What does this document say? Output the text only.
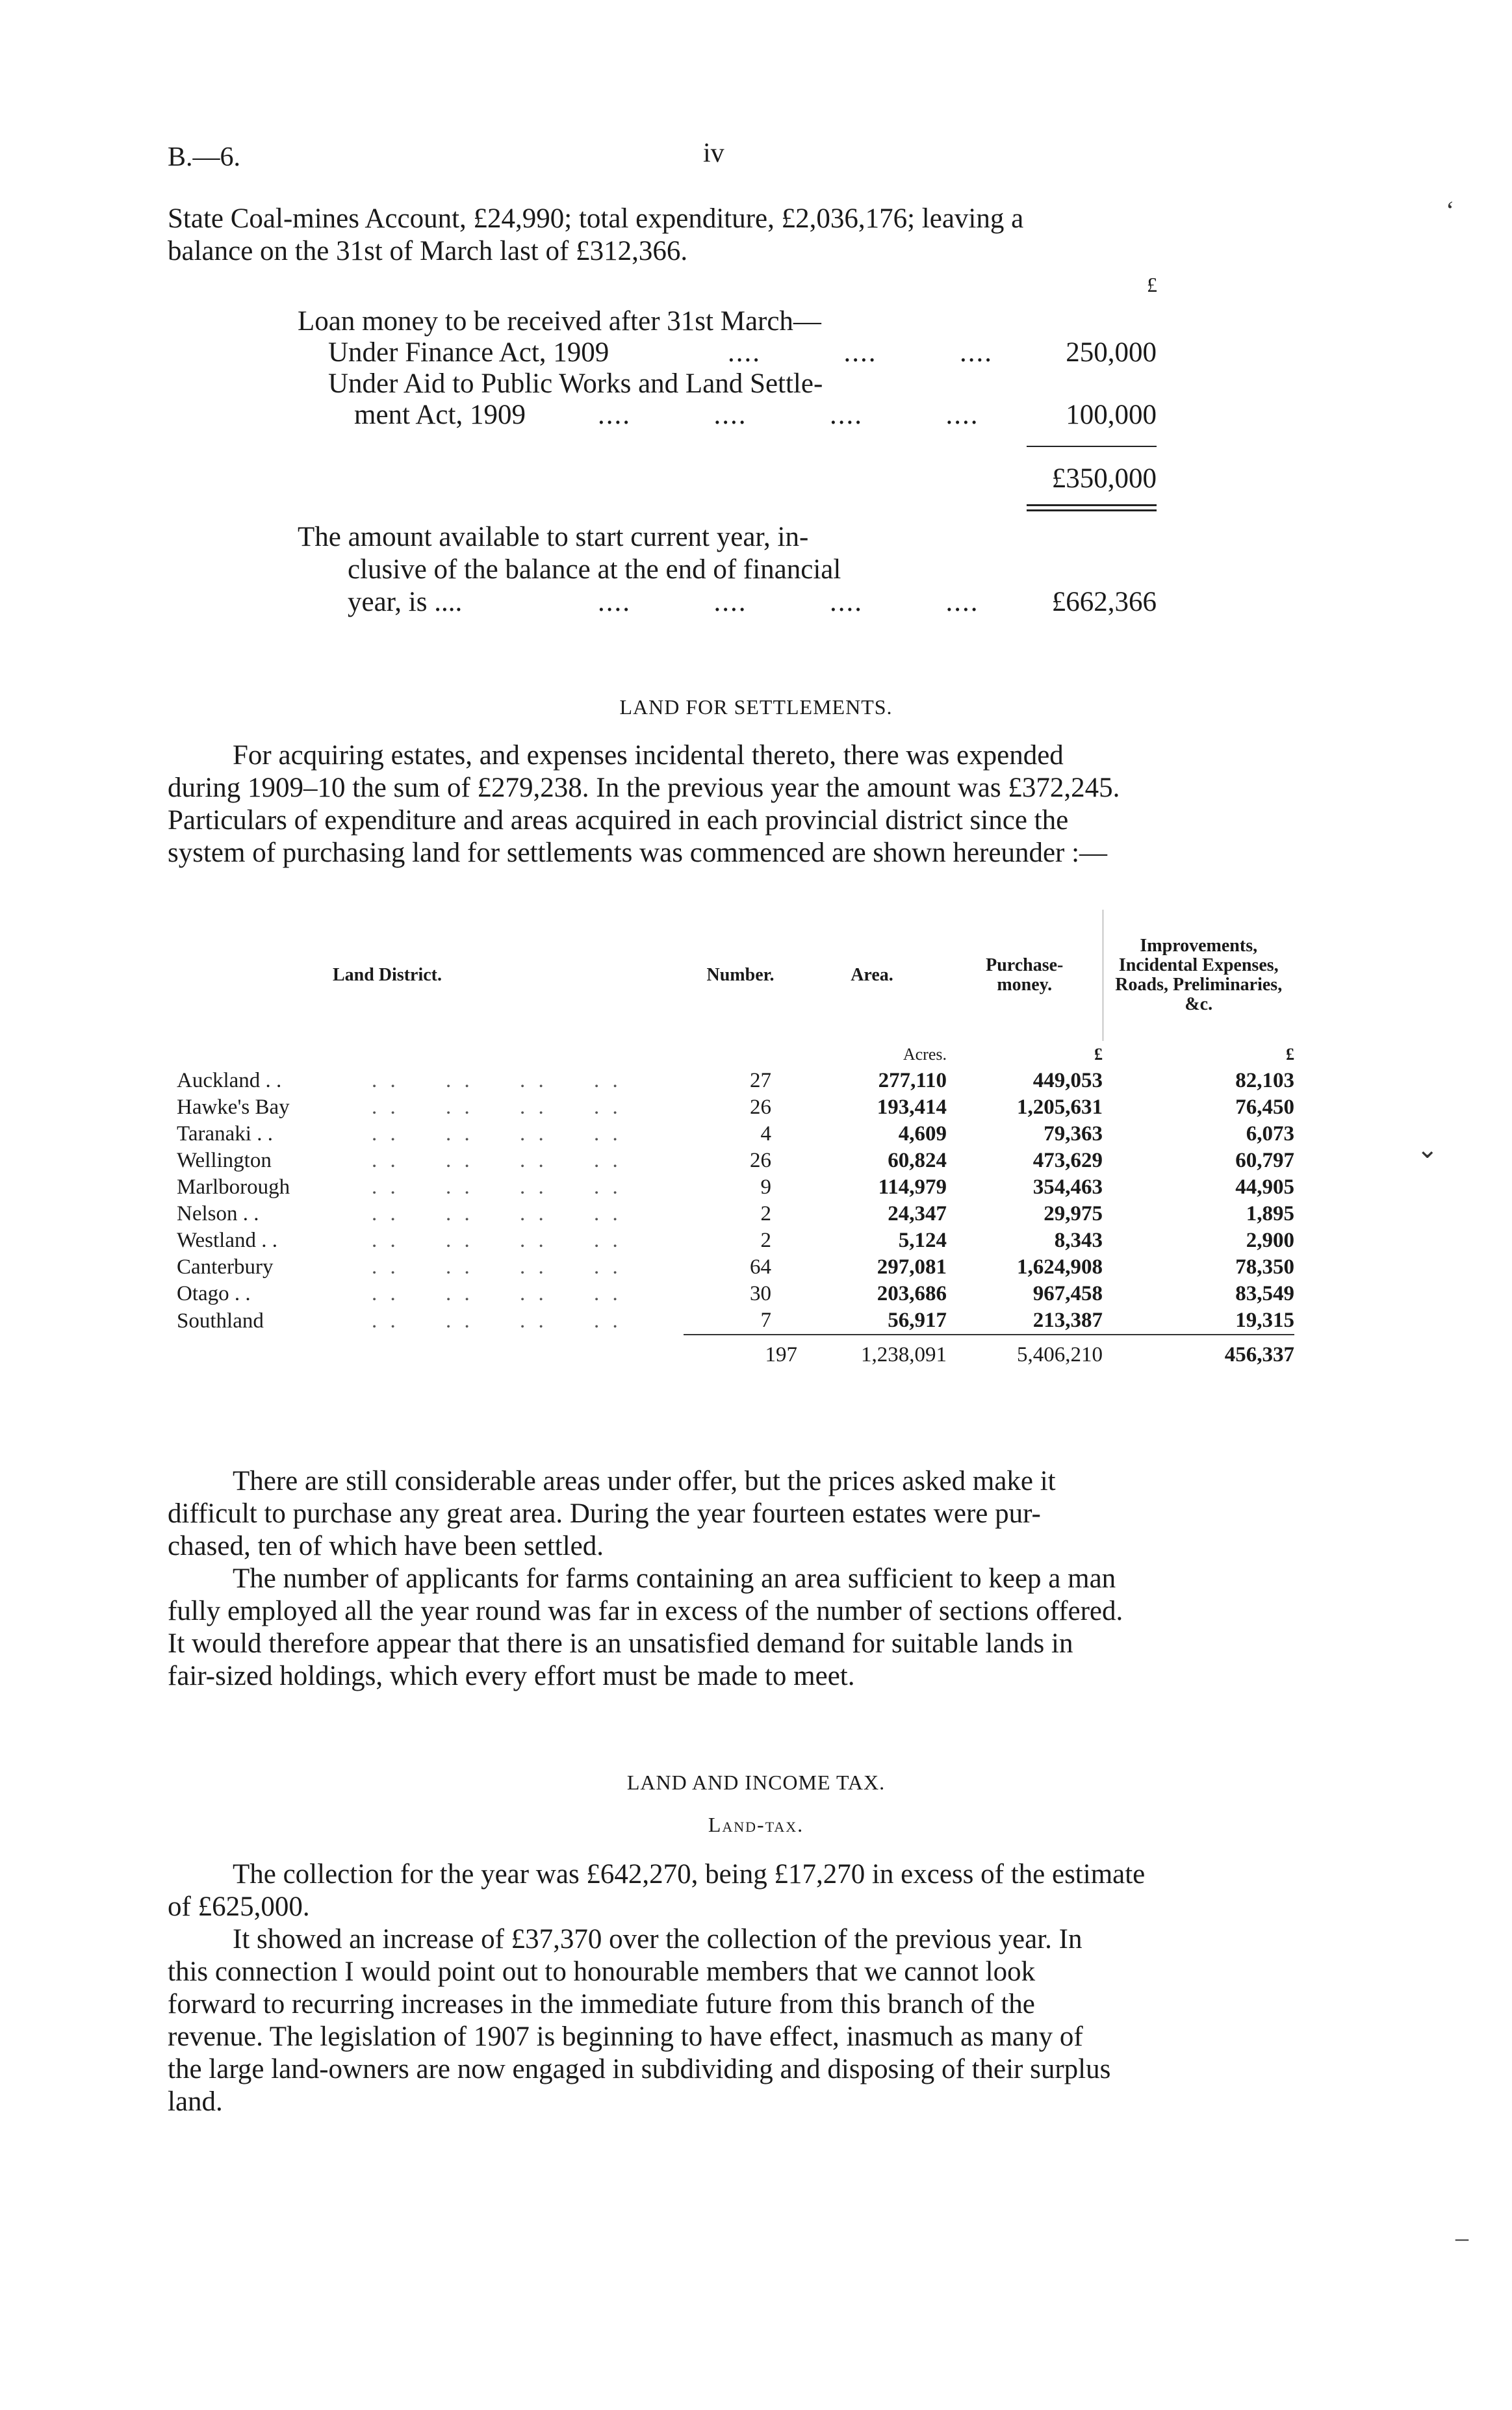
B.—6.	iv
State Coal-mines Account, £24,990; total expenditure, £2,036,176; leaving a
balance on the 31st of March last of £312,366.
£
Loan money to be received after 31st March—
Under Finance Act, 1909	....          ....          ....	250,000
Under Aid to Public Works and Land Settle-
ment Act, 1909	....          ....          ....          ....	100,000
£350,000
The amount available to start current year, in-
clusive of the balance at the end of financial
year, is ....	....          ....          ....          ....	£662,366
LAND FOR SETTLEMENTS.
For acquiring estates, and expenses incidental thereto, there was expended
during 1909–10 the sum of £279,238. In the previous year the amount was £372,245.
Particulars of expenditure and areas acquired in each provincial district since the
system of purchasing land for settlements was commenced are shown hereunder :—
Land District.	Number.	Area.	Purchase-money.	Improvements, Incidental Expenses, Roads, Preliminaries, &c.
		Acres.	£	£
Auckland . . . .     . .     . .     . .	27	277,110	449,053	82,103
Hawke's Bay . .     . .     . .     . .	26	193,414	1,205,631	76,450
Taranaki . . . .     . .     . .     . .	4	4,609	79,363	6,073
Wellington . .     . .     . .     . .	26	60,824	473,629	60,797
Marlborough . .     . .     . .     . .	9	114,979	354,463	44,905
Nelson . . . .     . .     . .     . .	2	24,347	29,975	1,895
Westland . . . .     . .     . .     . .	2	5,124	8,343	2,900
Canterbury . .     . .     . .     . .	64	297,081	1,624,908	78,350
Otago . . . .     . .     . .     . .	30	203,686	967,458	83,549
Southland . .     . .     . .     . .	7	56,917	213,387	19,315
	197	1,238,091	5,406,210	456,337
There are still considerable areas under offer, but the prices asked make it
difficult to purchase any great area. During the year fourteen estates were pur-
chased, ten of which have been settled.
The number of applicants for farms containing an area sufficient to keep a man
fully employed all the year round was far in excess of the number of sections offered.
It would therefore appear that there is an unsatisfied demand for suitable lands in
fair-sized holdings, which every effort must be made to meet.
LAND AND INCOME TAX.
Land-tax.
The collection for the year was £642,270, being £17,270 in excess of the estimate
of £625,000.
It showed an increase of £37,370 over the collection of the previous year. In
this connection I would point out to honourable members that we cannot look
forward to recurring increases in the immediate future from this branch of the
revenue. The legislation of 1907 is beginning to have effect, inasmuch as many of
the large land-owners are now engaged in subdividing and disposing of their surplus
land.
‘
⌄
–
